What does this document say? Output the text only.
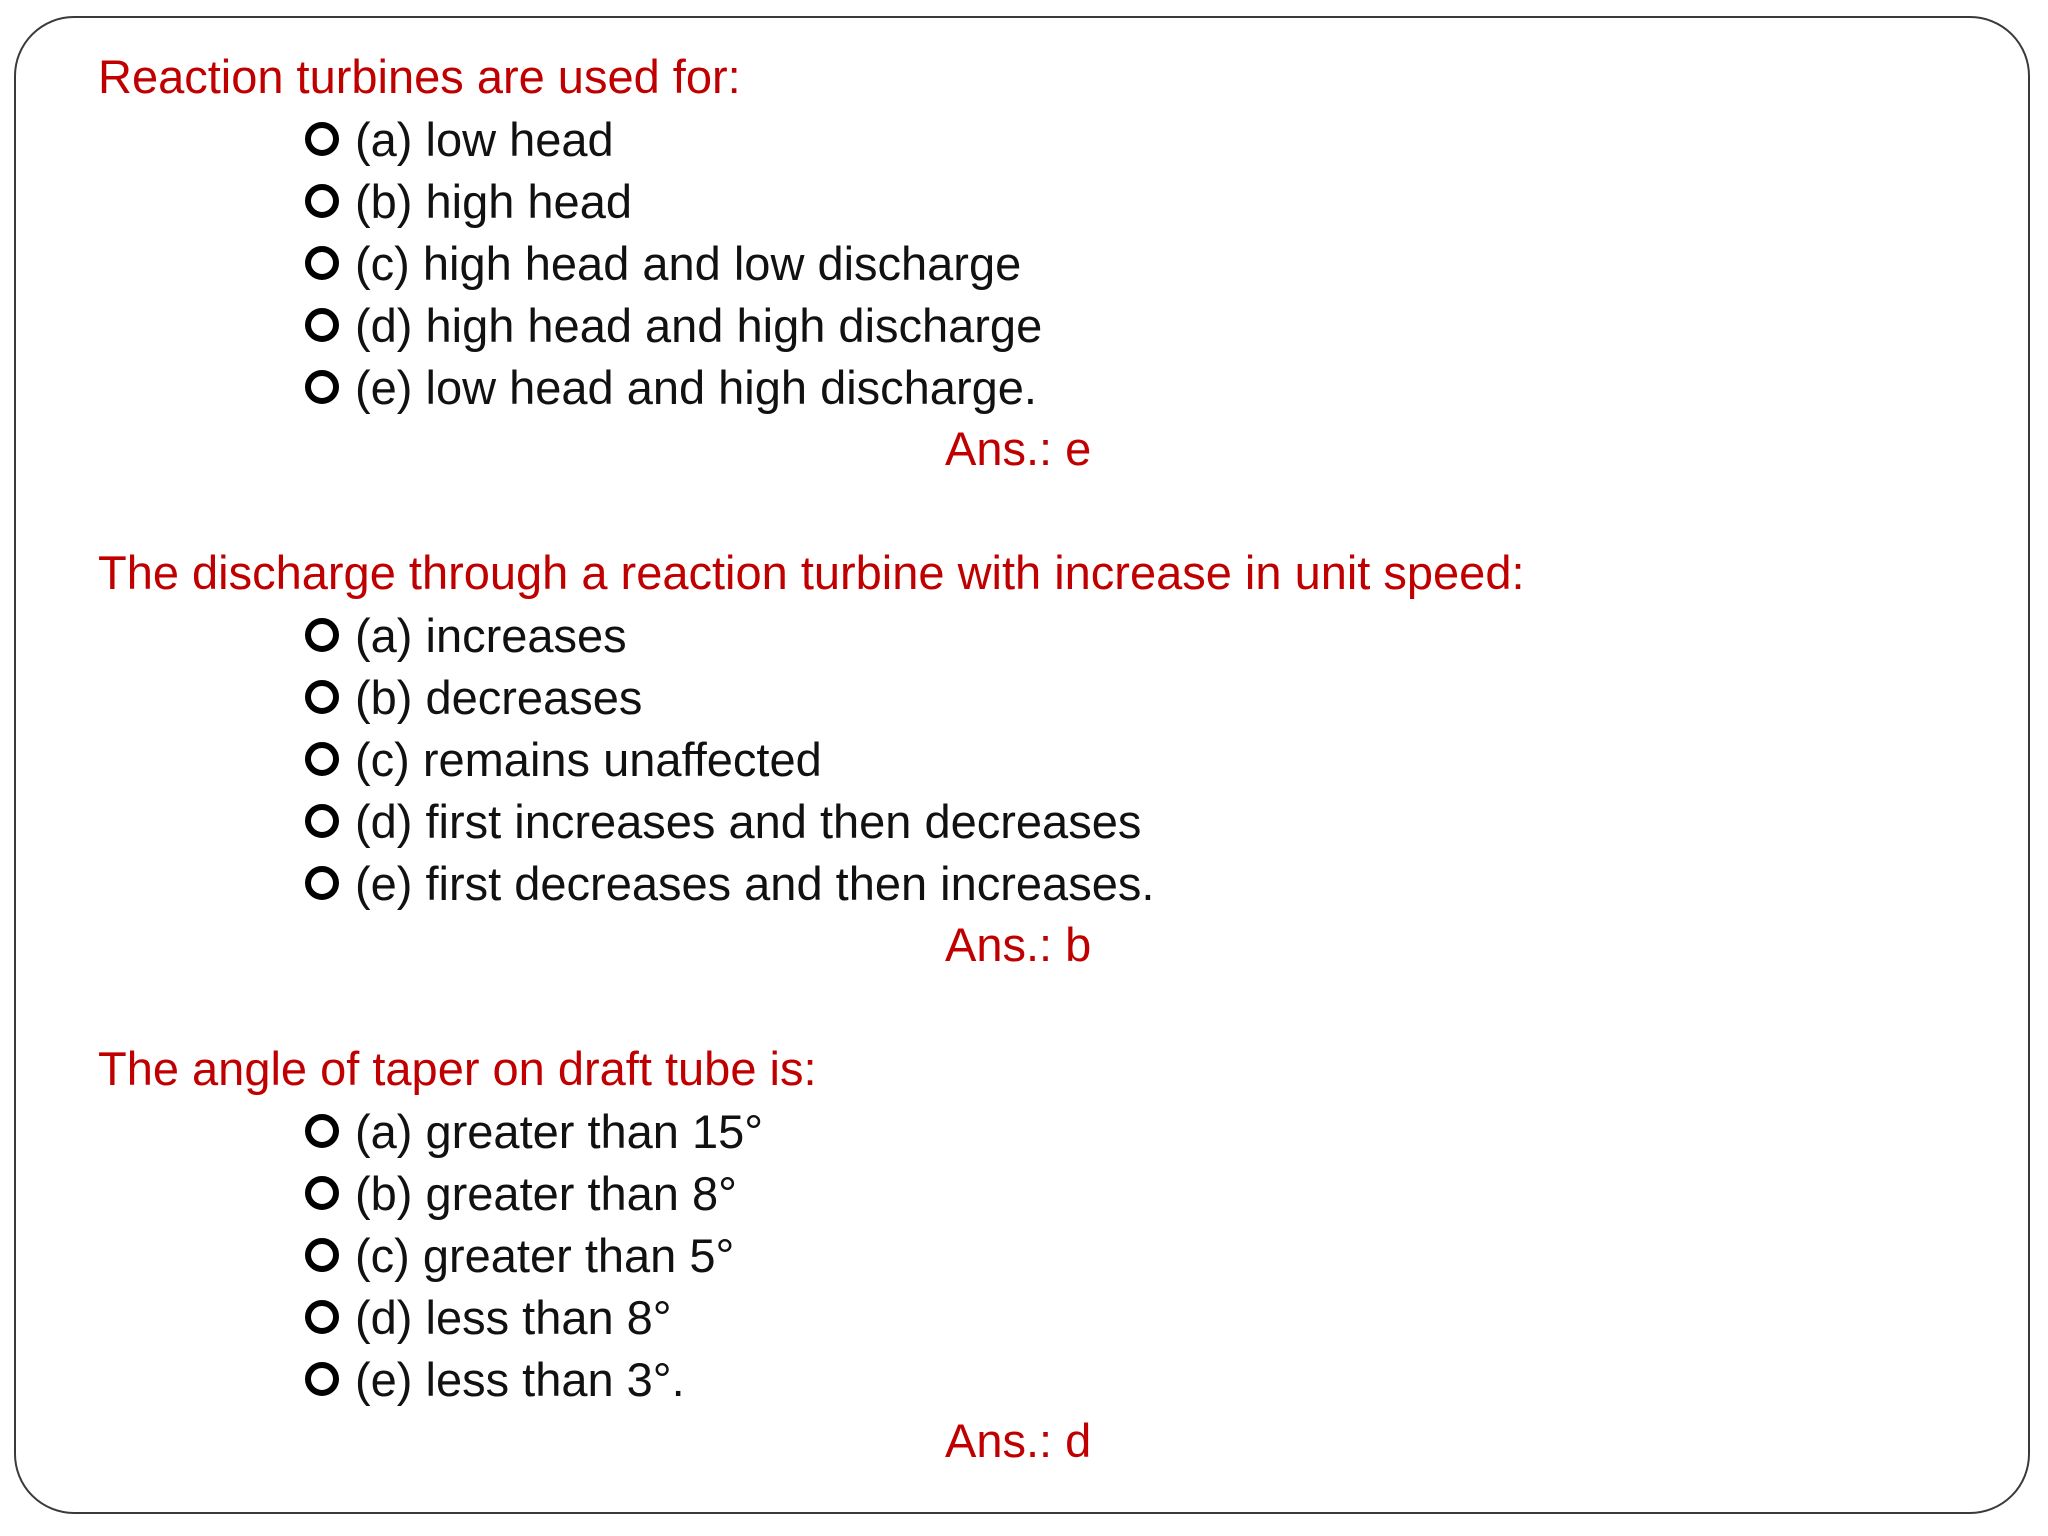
Reaction turbines are used for:
(a) low head
(b) high head
(c) high head and low discharge
(d) high head and high discharge
(e) low head and high discharge.
Ans.: e
The discharge through a reaction turbine with increase in unit speed:
(a) increases
(b) decreases
(c) remains unaffected
(d) first increases and then decreases
(e) first decreases and then increases.
Ans.: b
The angle of taper on draft tube is:
(a) greater than 15°
(b) greater than 8°
(c) greater than 5°
(d) less than 8°
(e) less than 3°.
Ans.: d
